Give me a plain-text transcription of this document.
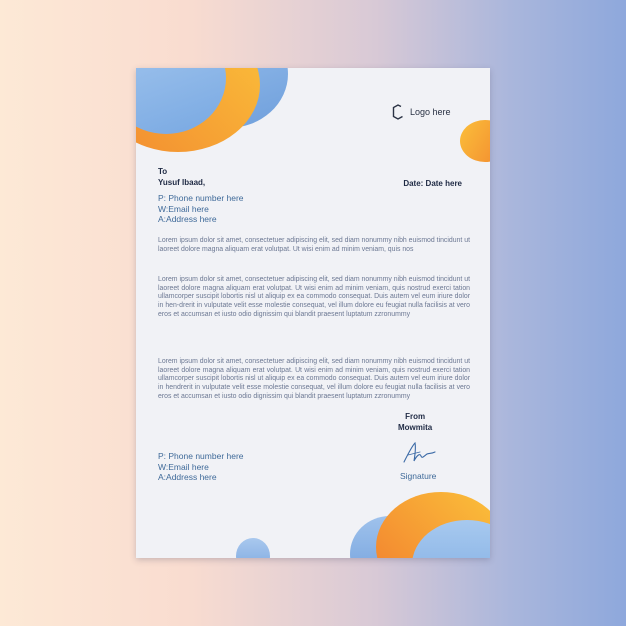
Logo here
To
Yusuf Ibaad,	Date: Date here
P: Phone number here
W:Email here
A:Address here
Lorem ipsum dolor sit amet, consectetuer adipiscing elit, sed diam nonummy nibh euismod tincidunt ut laoreet dolore magna aliquam erat volutpat. Ut wisi enim ad minim veniam, quis nos
Lorem ipsum dolor sit amet, consectetuer adipiscing elit, sed diam nonummy nibh euismod tincidunt ut laoreet dolore magna aliquam erat volutpat. Ut wisi enim ad minim veniam, quis nostrud exerci tation ullamcorper suscipit lobortis nisl ut aliquip ex ea commodo consequat. Duis autem vel eum iriure dolor in hen-drerit in vulputate velit esse molestie consequat, vel illum dolore eu feugiat nulla facilisis at vero eros et accumsan et iusto odio dignissim qui blandit praesent luptatum zzronummy
Lorem ipsum dolor sit amet, consectetuer adipiscing elit, sed diam nonummy nibh euismod tincidunt ut laoreet dolore magna aliquam erat volutpat. Ut wisi enim ad minim veniam, quis nostrud exerci tation ullamcorper suscipit lobortis nisl ut aliquip ex ea commodo consequat. Duis autem vel eum iriure dolor in hendrerit in vulputate velit esse molestie consequat, vel illum dolore eu feugiat nulla facilisis at vero eros et accumsan et iusto odio dignissim qui blandit praesent luptatum zzronummy
From
Mowmita
Signature
P: Phone number here
W:Email here
A:Address here
